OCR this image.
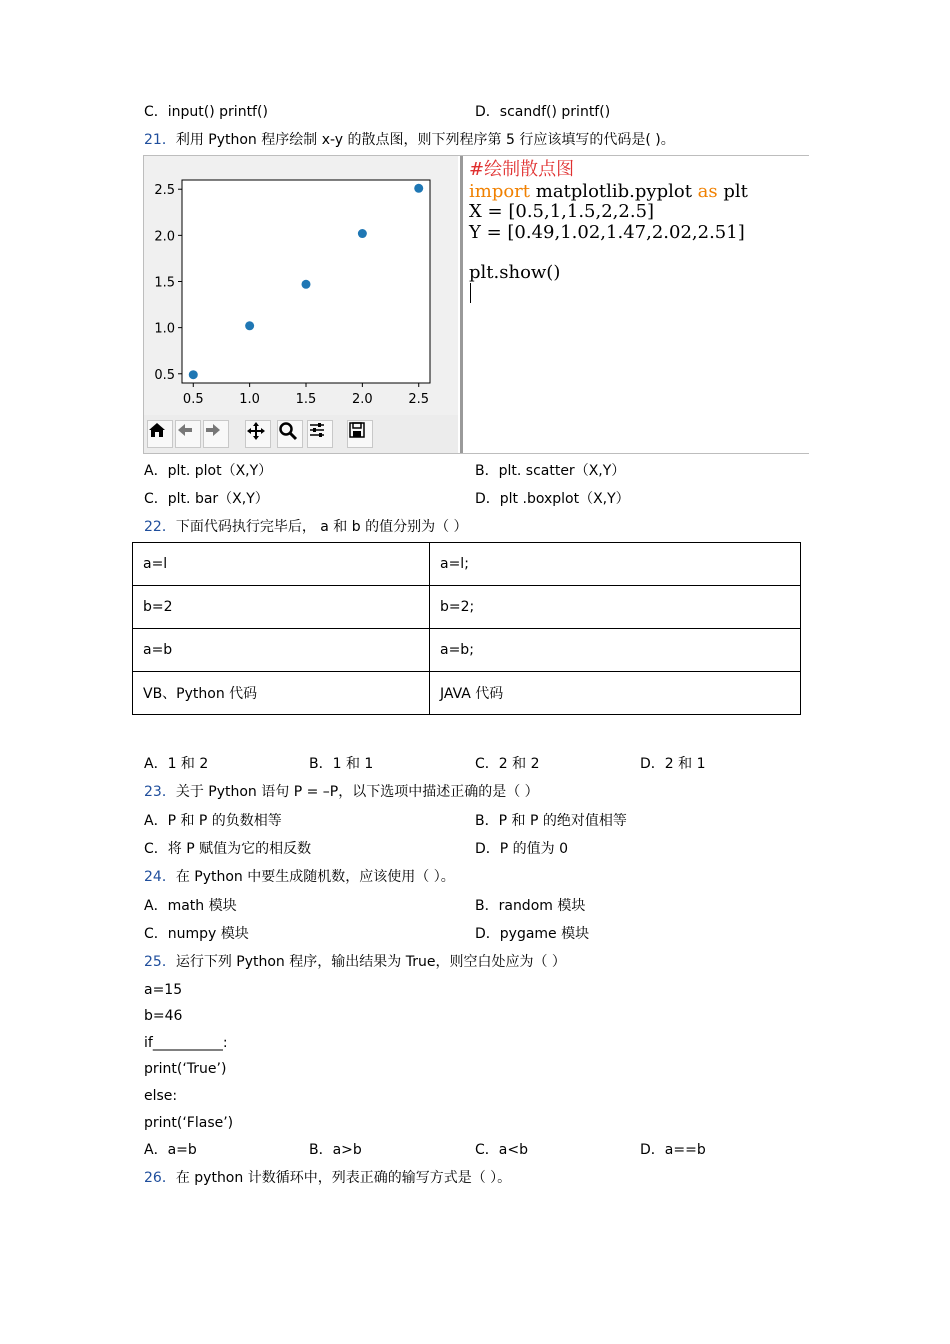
C．input() printf()	D．scandf() printf()
21．利用 Python 程序绘制 x-y 的散点图，则下列程序第 5 行应该填写的代码是( )。
0.5	1.0	1.5	2.0	2.5
0.5
1.0
1.5
2.0
2.5
#绘制散点图
import matplotlib.pyplot as plt
X = [0.5,1,1.5,2,2.5]
Y = [0.49,1.02,1.47,2.02,2.51]
plt.show()
A．plt. plot（X,Y）	B．plt. scatter（X,Y）
C．plt. bar（X,Y）	D．plt .boxplot（X,Y）
22．下面代码执行完毕后， a 和 b 的值分别为（ ）
a=l	a=l;
b=2	b=2;
a=b	a=b;
VB、Python 代码	JAVA 代码
A．1 和 2	B．1 和 1	C．2 和 2	D．2 和 1
23．关于 Python 语句 P = –P，以下选项中描述正确的是（ ）
A．P 和 P 的负数相等	B．P 和 P 的绝对值相等
C．将 P 赋值为它的相反数	D．P 的值为 0
24．在 Python 中要生成随机数，应该使用（ ）。
A．math 模块	B．random 模块
C．numpy 模块	D．pygame 模块
25．运行下列 Python 程序，输出结果为 True，则空白处应为（ ）
a=15
b=46
if__________:
print(‘True’)
else:
print(‘Flase’)
A．a=b	B．a>b	C．a<b	D．a==b
26．在 python 计数循环中，列表正确的输写方式是（ ）。
